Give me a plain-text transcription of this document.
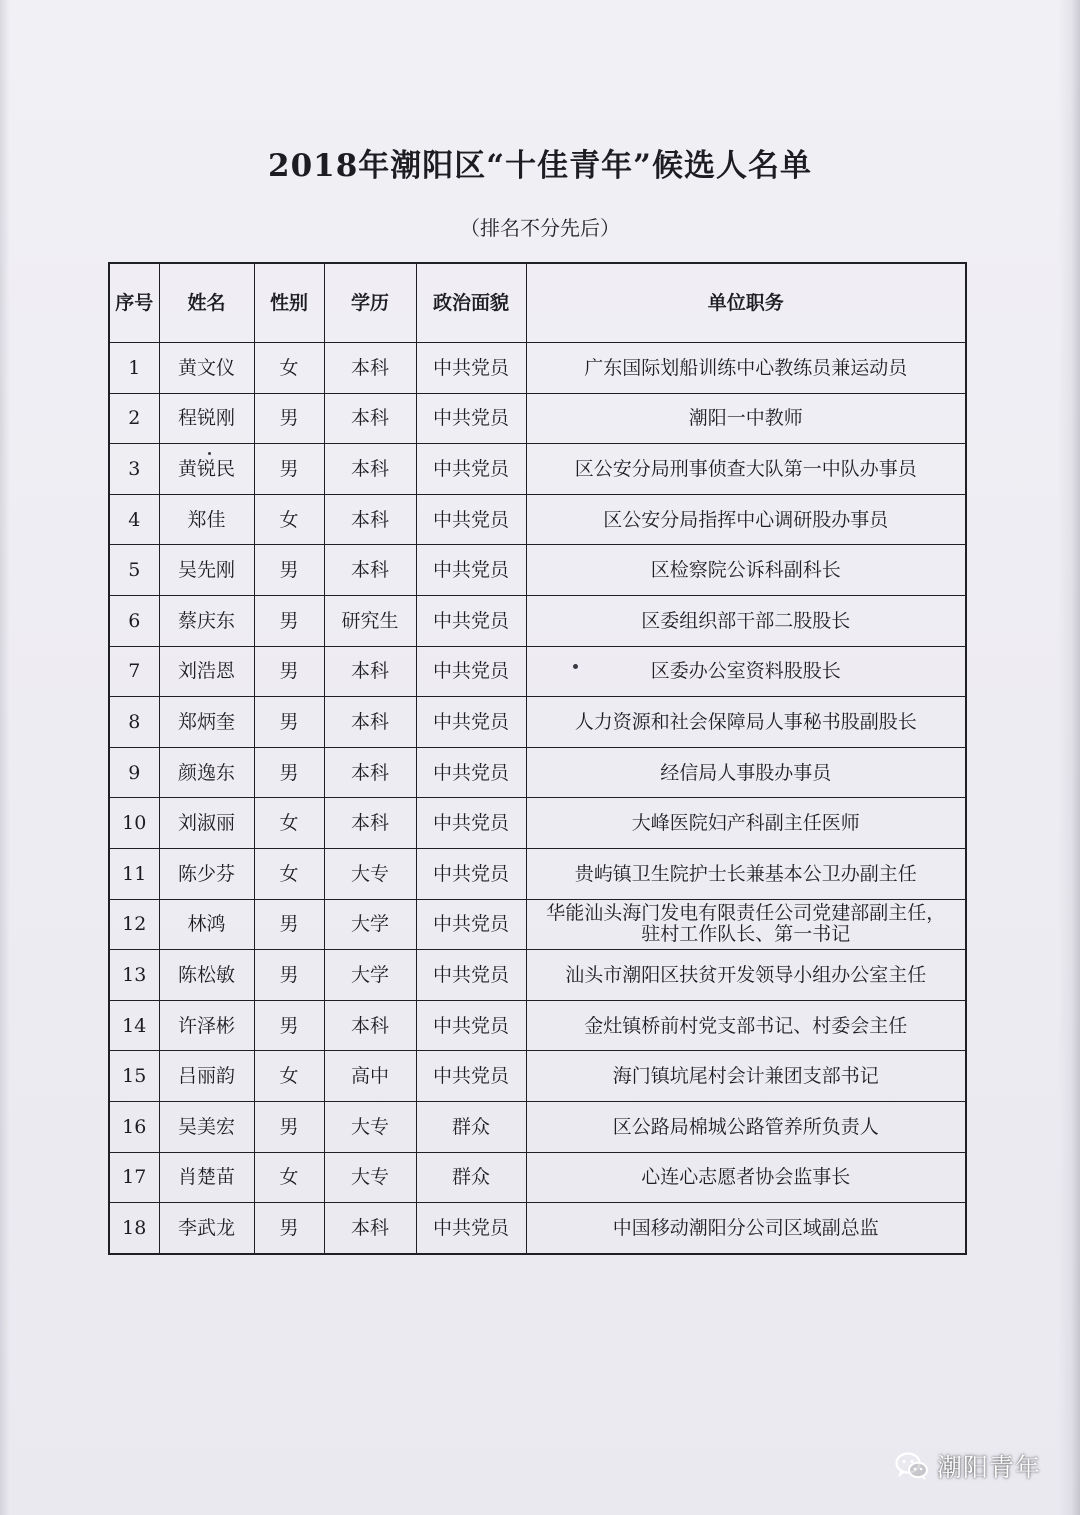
2018年潮阳区“十佳青年”候选人名单
（排名不分先后）
序号	姓名	性别	学历	政治面貌	单位职务
1	黄文仪	女	本科	中共党员	广东国际划船训练中心教练员兼运动员
2	程锐刚	男	本科	中共党员	潮阳一中教师
3	黄锐民	男	本科	中共党员	区公安分局刑事侦查大队第一中队办事员
4	郑佳	女	本科	中共党员	区公安分局指挥中心调研股办事员
5	吴先刚	男	本科	中共党员	区检察院公诉科副科长
6	蔡庆东	男	研究生	中共党员	区委组织部干部二股股长
7	刘浩恩	男	本科	中共党员	区委办公室资料股股长
8	郑炳奎	男	本科	中共党员	人力资源和社会保障局人事秘书股副股长
9	颜逸东	男	本科	中共党员	经信局人事股办事员
10	刘淑丽	女	本科	中共党员	大峰医院妇产科副主任医师
11	陈少芬	女	大专	中共党员	贵屿镇卫生院护士长兼基本公卫办副主任
12	林鸿	男	大学	中共党员	华能汕头海门发电有限责任公司党建部副主任，
驻村工作队长、第一书记

13	陈松敏	男	大学	中共党员	汕头市潮阳区扶贫开发领导小组办公室主任
14	许泽彬	男	本科	中共党员	金灶镇桥前村党支部书记、村委会主任
15	吕丽韵	女	高中	中共党员	海门镇坑尾村会计兼团支部书记
16	吴美宏	男	大专	群众	区公路局棉城公路管养所负责人
17	肖楚苗	女	大专	群众	心连心志愿者协会监事长
18	李武龙	男	本科	中共党员	中国移动潮阳分公司区域副总监
潮阳青年
